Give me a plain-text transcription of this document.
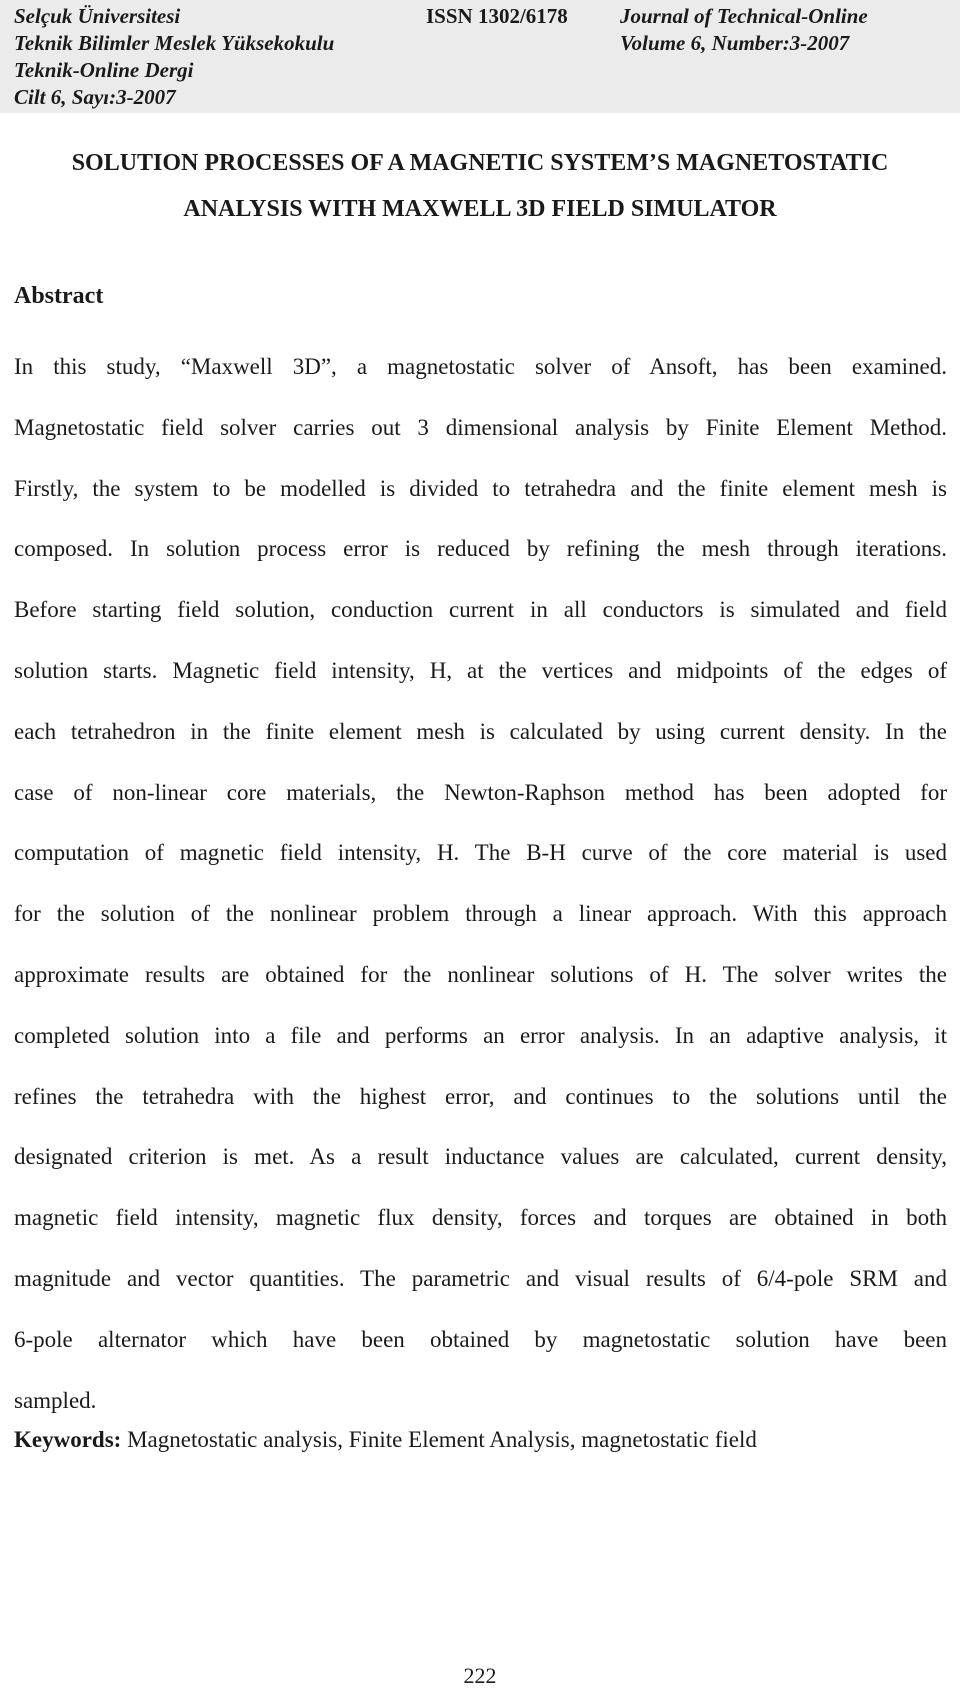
Selçuk Üniversitesi
Teknik Bilimler Meslek Yüksekokulu
Teknik-Online Dergi
Cilt 6, Sayı:3-2007
ISSN 1302/6178 Journal of Technical-Online
Volume 6, Number:3-2007
SOLUTION PROCESSES OF A MAGNETIC SYSTEM’S MAGNETOSTATIC
ANALYSIS WITH MAXWELL 3D FIELD SIMULATOR
Abstract
In this study, “Maxwell 3D”, a magnetostatic solver of Ansoft, has been examined.
Magnetostatic field solver carries out 3 dimensional analysis by Finite Element Method.
Firstly, the system to be modelled is divided to tetrahedra and the finite element mesh is
composed. In solution process error is reduced by refining the mesh through iterations.
Before starting field solution, conduction current in all conductors is simulated and field
solution starts. Magnetic field intensity, H, at the vertices and midpoints of the edges of
each tetrahedron in the finite element mesh is calculated by using current density. In the
case of non-linear core materials, the Newton-Raphson method has been adopted for
computation of magnetic field intensity, H. The B-H curve of the core material is used
for the solution of the nonlinear problem through a linear approach. With this approach
approximate results are obtained for the nonlinear solutions of H. The solver writes the
completed solution into a file and performs an error analysis. In an adaptive analysis, it
refines the tetrahedra with the highest error, and continues to the solutions until the
designated criterion is met. As a result inductance values are calculated, current density,
magnetic field intensity, magnetic flux density, forces and torques are obtained in both
magnitude and vector quantities. The parametric and visual results of 6/4-pole SRM and
6-pole alternator which have been obtained by magnetostatic solution have been
sampled.
Keywords: Magnetostatic analysis, Finite Element Analysis, magnetostatic field
222
